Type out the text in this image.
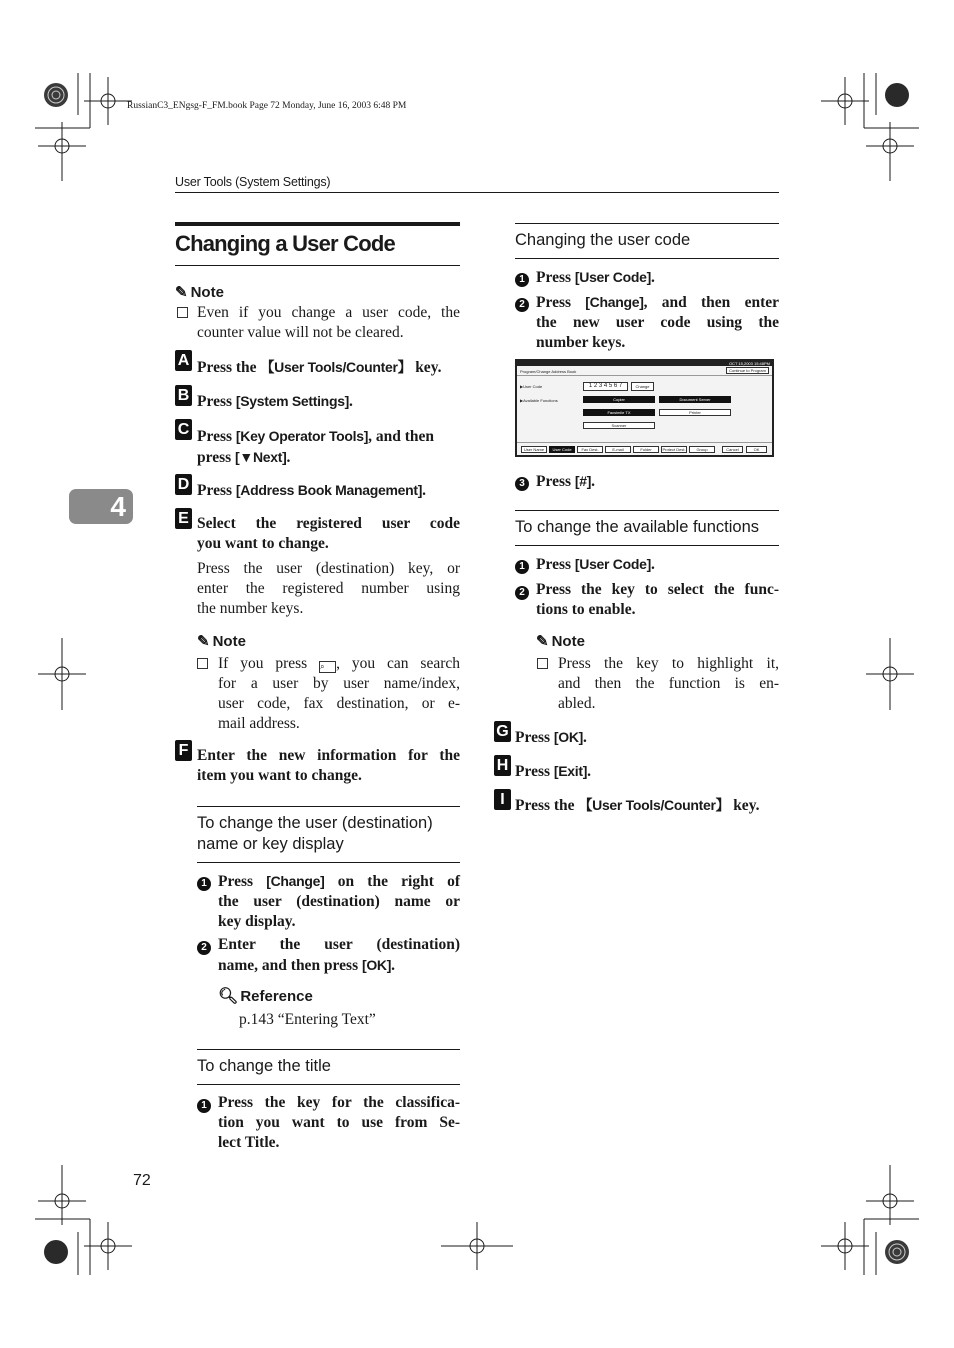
RussianC3_ENgsg-F_FM.book Page 72 Monday, June 16, 2003 6:48 PM
User Tools (System Settings)
4
72
Changing a User Code
✎ Note
Even if you change a user code, the
counter value will not be cleared.
A Press the 【User Tools/Counter】 key.
B Press [System Settings].
C Press [Key Operator Tools], and then
press [▼Next].
D Press [Address Book Management].
E Select the registered user code
you want to change.
Press the user (destination) key, or
enter the registered number using
the number keys.
✎ Note
If you press ⌕ , you can search
for a user by user name/index,
user code, fax destination, or e-
mail address.
F Enter the new information for the
item you want to change.
To change the user (destination)
name or key display
1 Press [Change] on the right of
the user (destination) name or
key display.
2 Enter the user (destination)
name, and then press [OK].
🔍︎ Reference
p.143 “Entering Text”
To change the title
1 Press the key for the classifica-
tion you want to use from Se-
lect Title.
Changing the user code
1 Press [User Code].
2 Press [Change], and then enter
the new user code using the
number keys.
OCT 15,2003 15:48PM
Program/Change Address Book	Continue to Program
▶User Code	1 2 3 4 5 6 7	Change
▶Available Functions	Copier	Document Server
Facsimile TX	Printer
Scanner
User Name	User Code	Fax Dest.	E-mail	Folder	Protect Dest.	Group	Cancel	OK
3 Press [#].
To change the available functions
1 Press [User Code].
2 Press the key to select the func-
tions to enable.
✎ Note
Press the key to highlight it,
and then the function is en-
abled.
G Press [OK].
H Press [Exit].
I Press the 【User Tools/Counter】 key.
